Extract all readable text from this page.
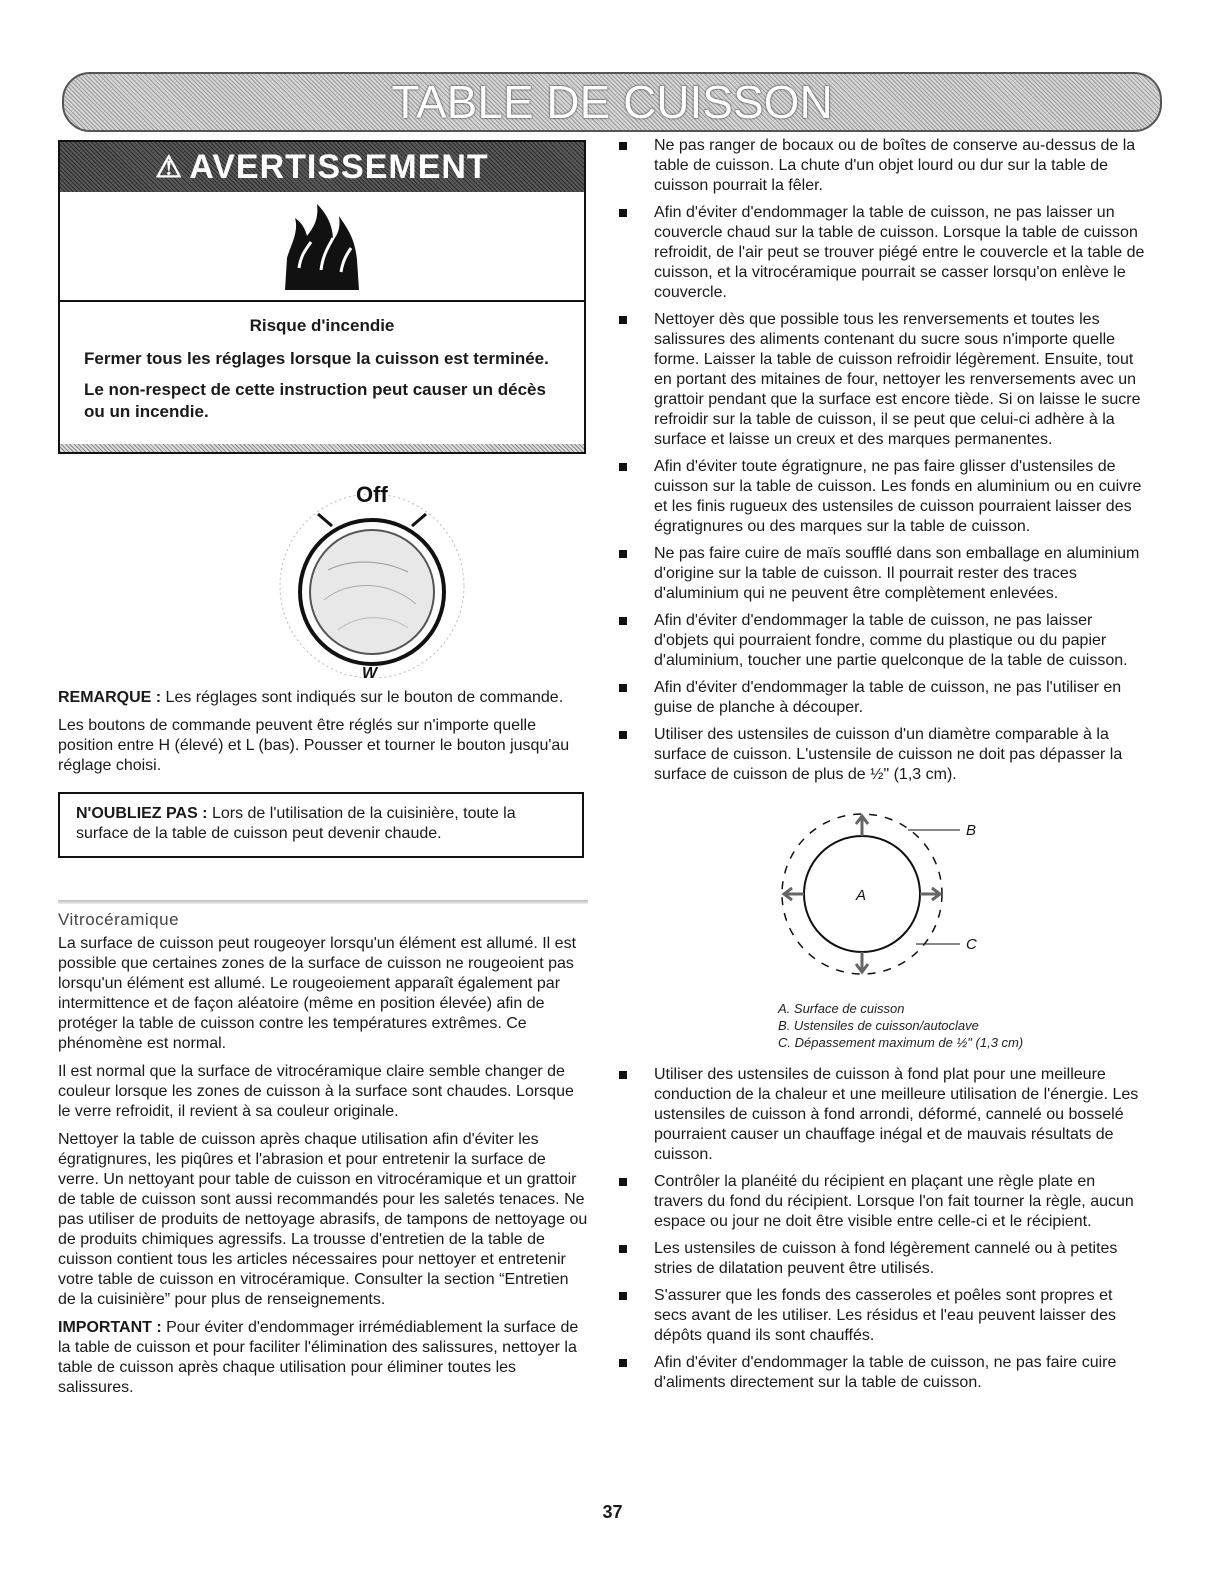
TABLE DE CUISSON
⚠ AVERTISSEMENT

Risque d'incendie

Fermer tous les réglages lorsque la cuisson est terminée.

Le non-respect de cette instruction peut causer un décès ou un incendie.

Off
W

REMARQUE : Les réglages sont indiqués sur le bouton de commande.

Les boutons de commande peuvent être réglés sur n'importe quelle position entre H (élevé) et L (bas). Pousser et tourner le bouton jusqu'au réglage choisi.

N'OUBLIEZ PAS : Lors de l'utilisation de la cuisinière, toute la surface de la table de cuisson peut devenir chaude.
Vitrocéramique

La surface de cuisson peut rougeoyer lorsqu'un élément est allumé. Il est possible que certaines zones de la surface de cuisson ne rougeoient pas lorsqu'un élément est allumé. Le rougeoiement apparaît également par intermittence et de façon aléatoire (même en position élevée) afin de protéger la table de cuisson contre les températures extrêmes. Ce phénomène est normal.

Il est normal que la surface de vitrocéramique claire semble changer de couleur lorsque les zones de cuisson à la surface sont chaudes. Lorsque le verre refroidit, il revient à sa couleur originale.

Nettoyer la table de cuisson après chaque utilisation afin d'éviter les égratignures, les piqûres et l'abrasion et pour entretenir la surface de verre. Un nettoyant pour table de cuisson en vitrocéramique et un grattoir de table de cuisson sont aussi recommandés pour les saletés tenaces. Ne pas utiliser de produits de nettoyage abrasifs, de tampons de nettoyage ou de produits chimiques agressifs. La trousse d'entretien de la table de cuisson contient tous les articles nécessaires pour nettoyer et entretenir votre table de cuisson en vitrocéramique. Consulter la section “Entretien de la cuisinière” pour plus de renseignements.

IMPORTANT : Pour éviter d'endommager irrémédiablement la surface de la table de cuisson et pour faciliter l'élimination des salissures, nettoyer la table de cuisson après chaque utilisation pour éliminer toutes les salissures.

Ne pas ranger de bocaux ou de boîtes de conserve au-dessus de la table de cuisson. La chute d'un objet lourd ou dur sur la table de cuisson pourrait la fêler.
Afin d'éviter d'endommager la table de cuisson, ne pas laisser un couvercle chaud sur la table de cuisson. Lorsque la table de cuisson refroidit, de l'air peut se trouver piégé entre le couvercle et la table de cuisson, et la vitrocéramique pourrait se casser lorsqu'on enlève le couvercle.
Nettoyer dès que possible tous les renversements et toutes les salissures des aliments contenant du sucre sous n'importe quelle forme. Laisser la table de cuisson refroidir légèrement. Ensuite, tout en portant des mitaines de four, nettoyer les renversements avec un grattoir pendant que la surface est encore tiède. Si on laisse le sucre refroidir sur la table de cuisson, il se peut que celui-ci adhère à la surface et laisse un creux et des marques permanentes.
Afin d'éviter toute égratignure, ne pas faire glisser d'ustensiles de cuisson sur la table de cuisson. Les fonds en aluminium ou en cuivre et les finis rugueux des ustensiles de cuisson pourraient laisser des égratignures ou des marques sur la table de cuisson.
Ne pas faire cuire de maïs soufflé dans son emballage en aluminium d'origine sur la table de cuisson. Il pourrait rester des traces d'aluminium qui ne peuvent être complètement enlevées.
Afin d'éviter d'endommager la table de cuisson, ne pas laisser d'objets qui pourraient fondre, comme du plastique ou du papier d'aluminium, toucher une partie quelconque de la table de cuisson.
Afin d'éviter d'endommager la table de cuisson, ne pas l'utiliser en guise de planche à découper.
Utiliser des ustensiles de cuisson d'un diamètre comparable à la surface de cuisson. L'ustensile de cuisson ne doit pas dépasser la surface de cuisson de plus de ½" (1,3 cm).
A
B
C
A. Surface de cuisson
B. Ustensiles de cuisson/autoclave
C. Dépassement maximum de ½" (1,3 cm)
Utiliser des ustensiles de cuisson à fond plat pour une meilleure conduction de la chaleur et une meilleure utilisation de l'énergie. Les ustensiles de cuisson à fond arrondi, déformé, cannelé ou bosselé pourraient causer un chauffage inégal et de mauvais résultats de cuisson.
Contrôler la planéité du récipient en plaçant une règle plate en travers du fond du récipient. Lorsque l'on fait tourner la règle, aucun espace ou jour ne doit être visible entre celle-ci et le récipient.
Les ustensiles de cuisson à fond légèrement cannelé ou à petites stries de dilatation peuvent être utilisés.
S'assurer que les fonds des casseroles et poêles sont propres et secs avant de les utiliser. Les résidus et l'eau peuvent laisser des dépôts quand ils sont chauffés.
Afin d'éviter d'endommager la table de cuisson, ne pas faire cuire d'aliments directement sur la table de cuisson.
37
